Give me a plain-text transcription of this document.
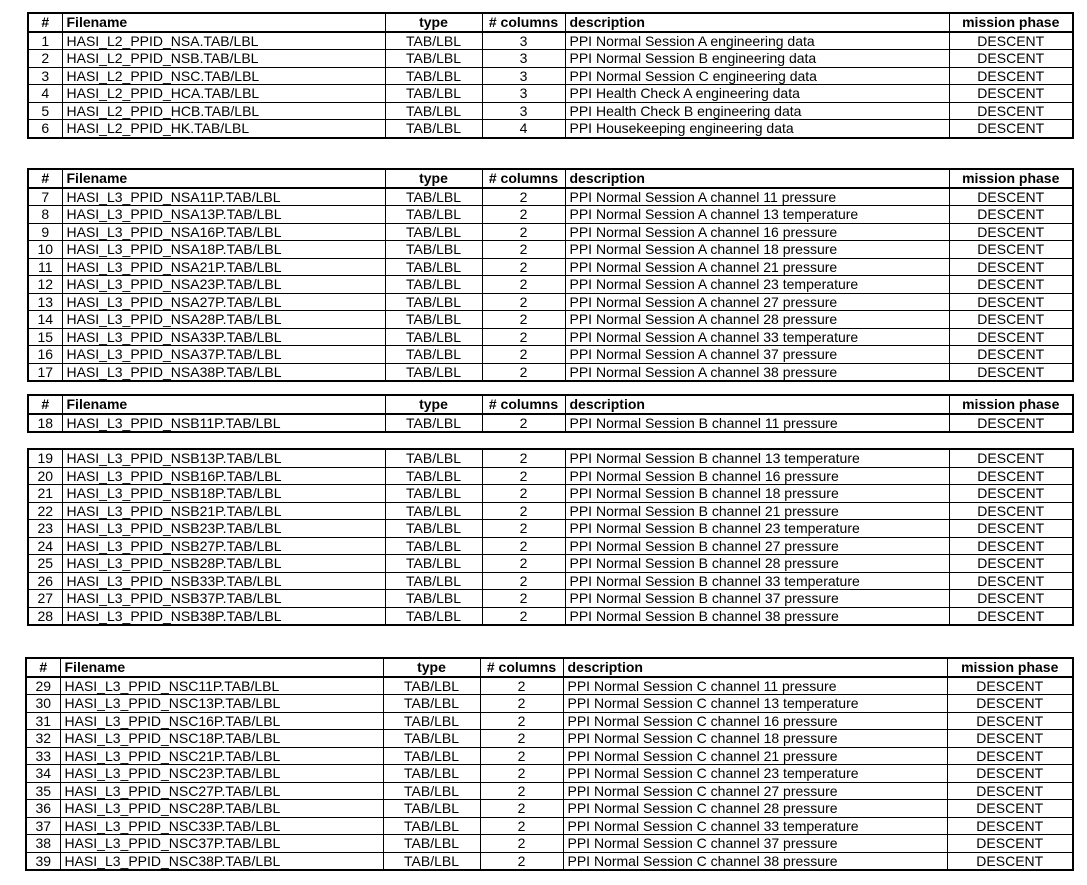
#	Filename	type	# columns	description	mission phase
1	HASI_L2_PPID_NSA.TAB/LBL	TAB/LBL	3	PPI Normal Session A engineering data	DESCENT
2	HASI_L2_PPID_NSB.TAB/LBL	TAB/LBL	3	PPI Normal Session B engineering data	DESCENT
3	HASI_L2_PPID_NSC.TAB/LBL	TAB/LBL	3	PPI Normal Session C engineering data	DESCENT
4	HASI_L2_PPID_HCA.TAB/LBL	TAB/LBL	3	PPI Health Check A engineering data	DESCENT
5	HASI_L2_PPID_HCB.TAB/LBL	TAB/LBL	3	PPI Health Check B engineering data	DESCENT
6	HASI_L2_PPID_HK.TAB/LBL	TAB/LBL	4	PPI Housekeeping engineering data	DESCENT
#	Filename	type	# columns	description	mission phase
7	HASI_L3_PPID_NSA11P.TAB/LBL	TAB/LBL	2	PPI Normal Session A channel 11 pressure	DESCENT
8	HASI_L3_PPID_NSA13P.TAB/LBL	TAB/LBL	2	PPI Normal Session A channel 13 temperature	DESCENT
9	HASI_L3_PPID_NSA16P.TAB/LBL	TAB/LBL	2	PPI Normal Session A channel 16 pressure	DESCENT
10	HASI_L3_PPID_NSA18P.TAB/LBL	TAB/LBL	2	PPI Normal Session A channel 18 pressure	DESCENT
11	HASI_L3_PPID_NSA21P.TAB/LBL	TAB/LBL	2	PPI Normal Session A channel 21 pressure	DESCENT
12	HASI_L3_PPID_NSA23P.TAB/LBL	TAB/LBL	2	PPI Normal Session A channel 23 temperature	DESCENT
13	HASI_L3_PPID_NSA27P.TAB/LBL	TAB/LBL	2	PPI Normal Session A channel 27 pressure	DESCENT
14	HASI_L3_PPID_NSA28P.TAB/LBL	TAB/LBL	2	PPI Normal Session A channel 28 pressure	DESCENT
15	HASI_L3_PPID_NSA33P.TAB/LBL	TAB/LBL	2	PPI Normal Session A channel 33 temperature	DESCENT
16	HASI_L3_PPID_NSA37P.TAB/LBL	TAB/LBL	2	PPI Normal Session A channel 37 pressure	DESCENT
17	HASI_L3_PPID_NSA38P.TAB/LBL	TAB/LBL	2	PPI Normal Session A channel 38 pressure	DESCENT
#	Filename	type	# columns	description	mission phase
18	HASI_L3_PPID_NSB11P.TAB/LBL	TAB/LBL	2	PPI Normal Session B channel 11 pressure	DESCENT
19	HASI_L3_PPID_NSB13P.TAB/LBL	TAB/LBL	2	PPI Normal Session B channel 13 temperature	DESCENT
20	HASI_L3_PPID_NSB16P.TAB/LBL	TAB/LBL	2	PPI Normal Session B channel 16 pressure	DESCENT
21	HASI_L3_PPID_NSB18P.TAB/LBL	TAB/LBL	2	PPI Normal Session B channel 18 pressure	DESCENT
22	HASI_L3_PPID_NSB21P.TAB/LBL	TAB/LBL	2	PPI Normal Session B channel 21 pressure	DESCENT
23	HASI_L3_PPID_NSB23P.TAB/LBL	TAB/LBL	2	PPI Normal Session B channel 23 temperature	DESCENT
24	HASI_L3_PPID_NSB27P.TAB/LBL	TAB/LBL	2	PPI Normal Session B channel 27 pressure	DESCENT
25	HASI_L3_PPID_NSB28P.TAB/LBL	TAB/LBL	2	PPI Normal Session B channel 28 pressure	DESCENT
26	HASI_L3_PPID_NSB33P.TAB/LBL	TAB/LBL	2	PPI Normal Session B channel 33 temperature	DESCENT
27	HASI_L3_PPID_NSB37P.TAB/LBL	TAB/LBL	2	PPI Normal Session B channel 37 pressure	DESCENT
28	HASI_L3_PPID_NSB38P.TAB/LBL	TAB/LBL	2	PPI Normal Session B channel 38 pressure	DESCENT
#	Filename	type	# columns	description	mission phase
29	HASI_L3_PPID_NSC11P.TAB/LBL	TAB/LBL	2	PPI Normal Session C channel 11 pressure	DESCENT
30	HASI_L3_PPID_NSC13P.TAB/LBL	TAB/LBL	2	PPI Normal Session C channel 13 temperature	DESCENT
31	HASI_L3_PPID_NSC16P.TAB/LBL	TAB/LBL	2	PPI Normal Session C channel 16 pressure	DESCENT
32	HASI_L3_PPID_NSC18P.TAB/LBL	TAB/LBL	2	PPI Normal Session C channel 18 pressure	DESCENT
33	HASI_L3_PPID_NSC21P.TAB/LBL	TAB/LBL	2	PPI Normal Session C channel 21 pressure	DESCENT
34	HASI_L3_PPID_NSC23P.TAB/LBL	TAB/LBL	2	PPI Normal Session C channel 23 temperature	DESCENT
35	HASI_L3_PPID_NSC27P.TAB/LBL	TAB/LBL	2	PPI Normal Session C channel 27 pressure	DESCENT
36	HASI_L3_PPID_NSC28P.TAB/LBL	TAB/LBL	2	PPI Normal Session C channel 28 pressure	DESCENT
37	HASI_L3_PPID_NSC33P.TAB/LBL	TAB/LBL	2	PPI Normal Session C channel 33 temperature	DESCENT
38	HASI_L3_PPID_NSC37P.TAB/LBL	TAB/LBL	2	PPI Normal Session C channel 37 pressure	DESCENT
39	HASI_L3_PPID_NSC38P.TAB/LBL	TAB/LBL	2	PPI Normal Session C channel 38 pressure	DESCENT
